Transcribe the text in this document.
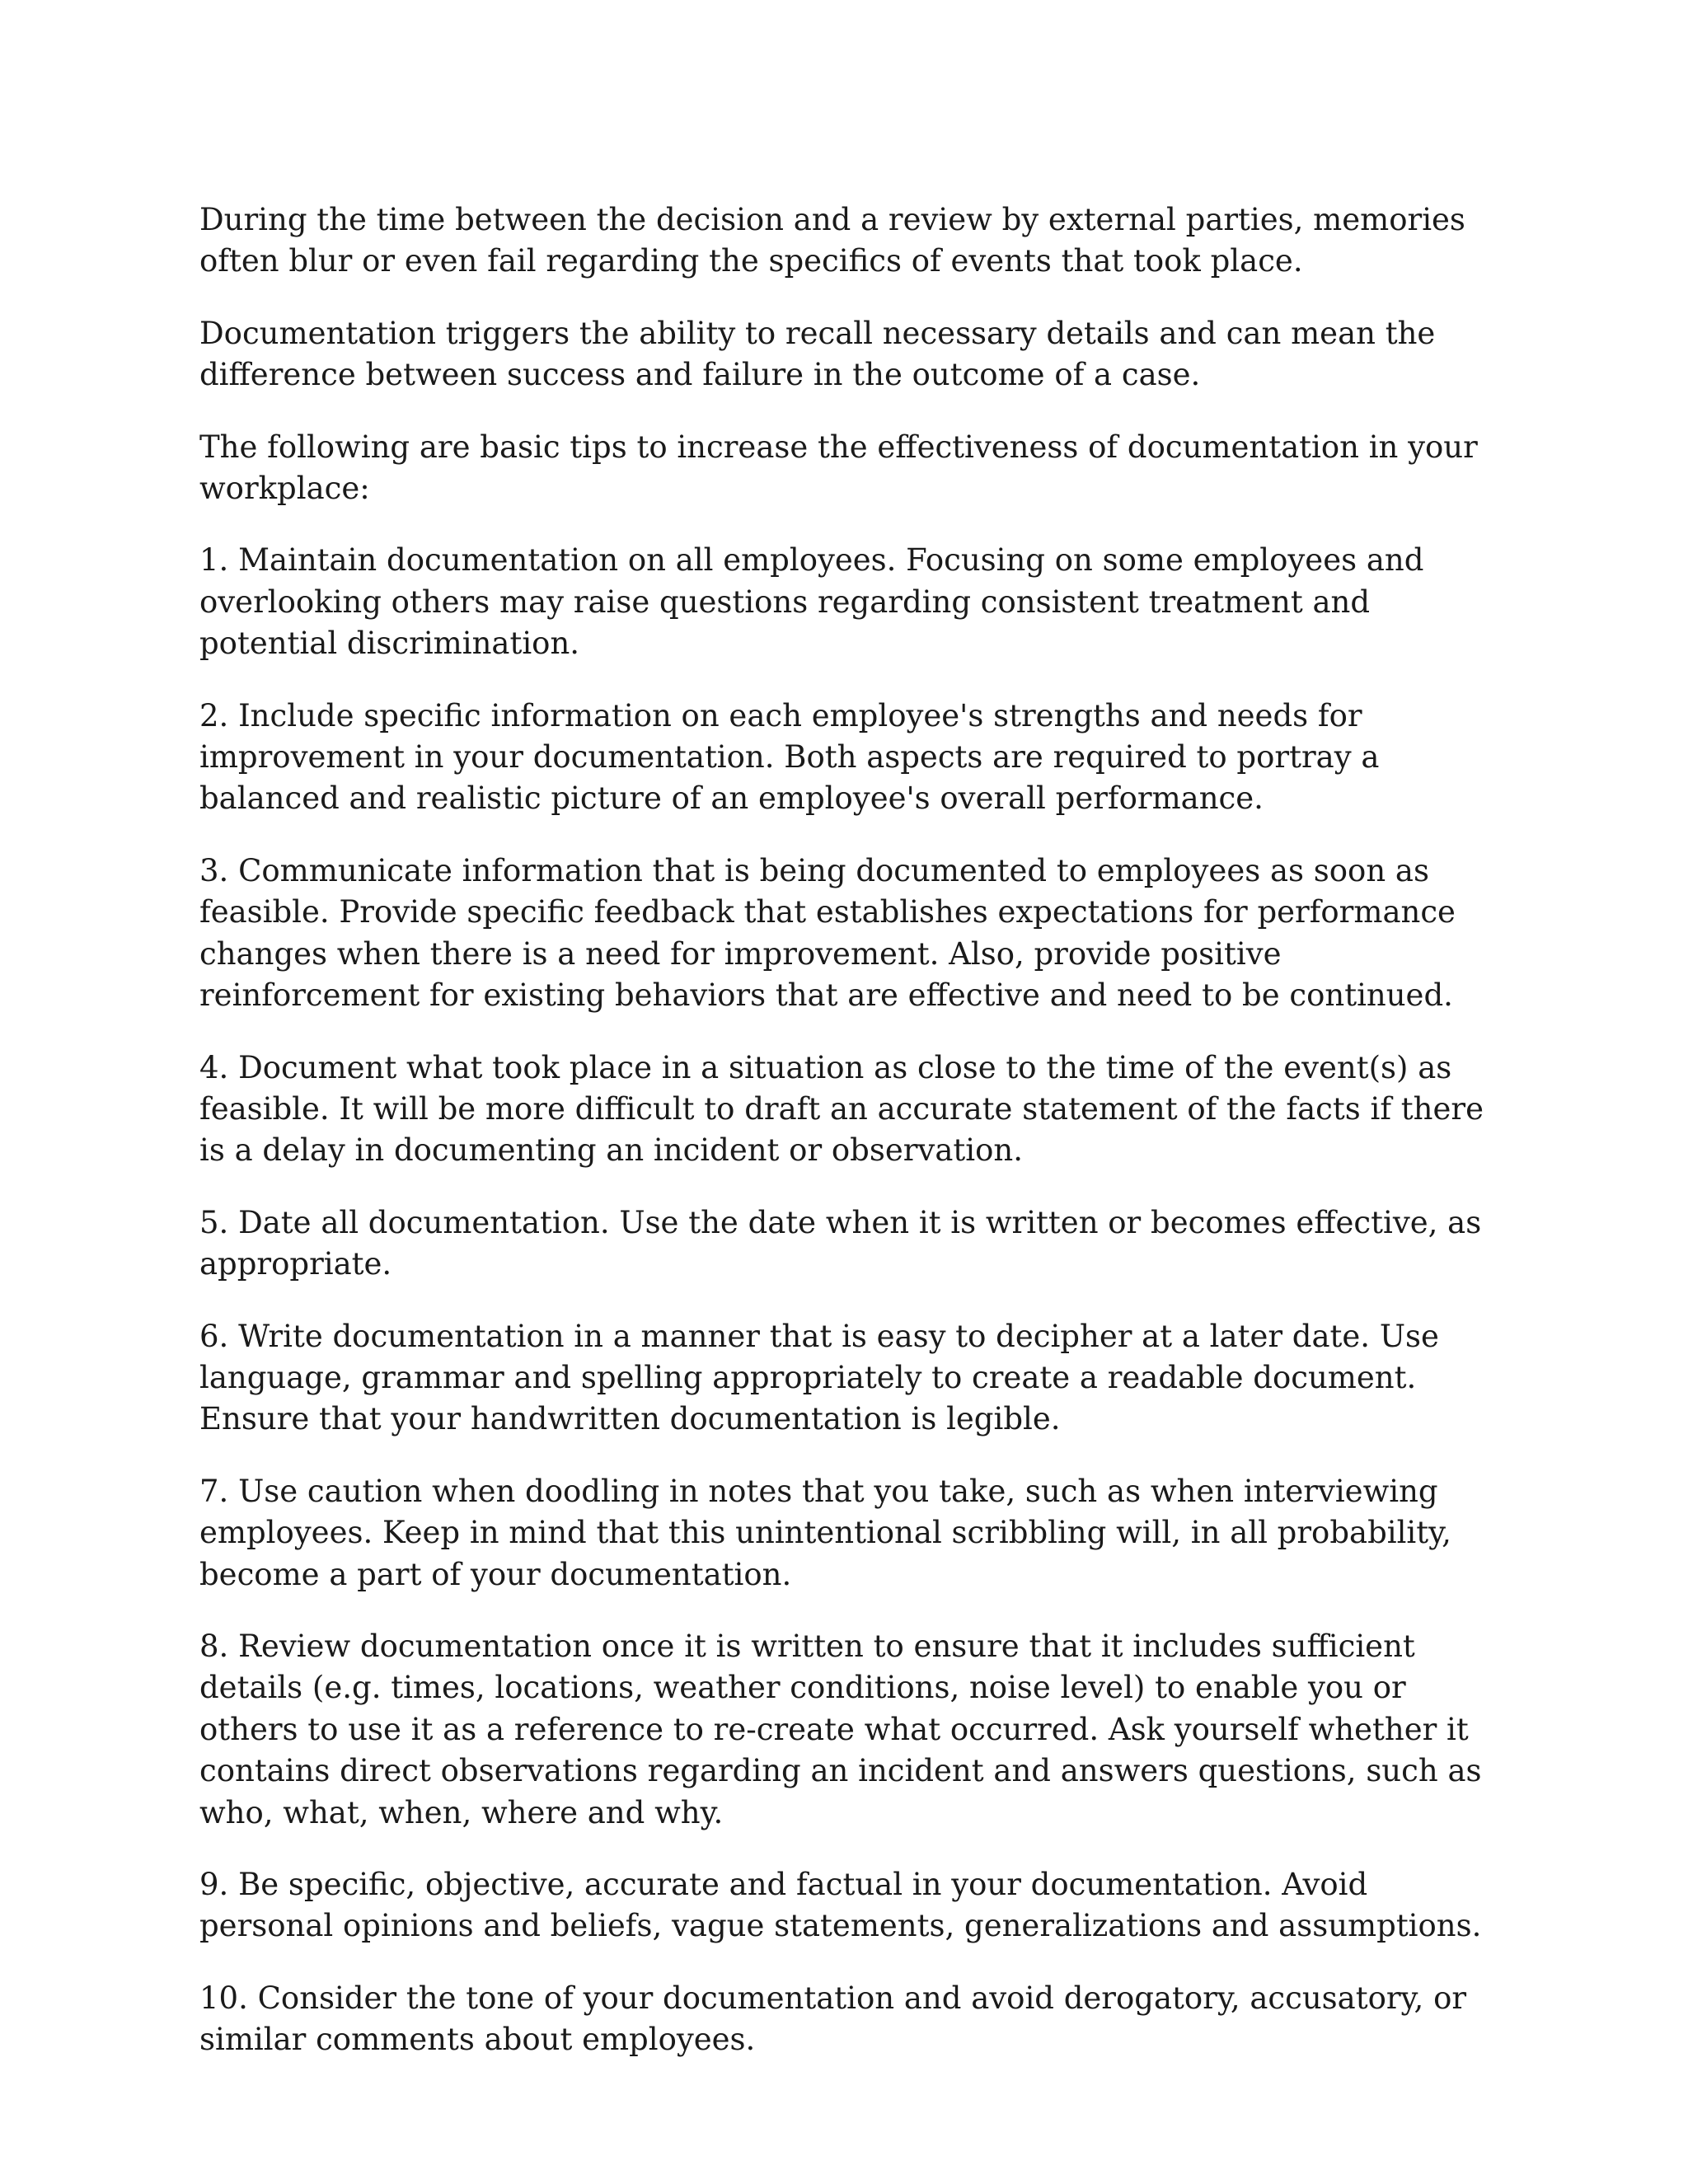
During the time between the decision and a review by external parties, memories often blur or even fail regarding the specifics of events that took place.

Documentation triggers the ability to recall necessary details and can mean the difference between success and failure in the outcome of a case.

The following are basic tips to increase the effectiveness of documentation in your workplace:

1. Maintain documentation on all employees. Focusing on some employees and overlooking others may raise questions regarding consistent treatment and potential discrimination.

2. Include specific information on each employee's strengths and needs for improvement in your documentation. Both aspects are required to portray a balanced and realistic picture of an employee's overall performance.

3. Communicate information that is being documented to employees as soon as feasible. Provide specific feedback that establishes expectations for performance changes when there is a need for improvement. Also, provide positive reinforcement for existing behaviors that are effective and need to be continued.

4. Document what took place in a situation as close to the time of the event(s) as feasible. It will be more difficult to draft an accurate statement of the facts if there is a delay in documenting an incident or observation.

5. Date all documentation. Use the date when it is written or becomes effective, as appropriate.

6. Write documentation in a manner that is easy to decipher at a later date. Use language, grammar and spelling appropriately to create a readable document. Ensure that your handwritten documentation is legible.

7. Use caution when doodling in notes that you take, such as when interviewing employees. Keep in mind that this unintentional scribbling will, in all probability, become a part of your documentation.

8. Review documentation once it is written to ensure that it includes sufficient details (e.g. times, locations, weather conditions, noise level) to enable you or others to use it as a reference to re-create what occurred. Ask yourself whether it contains direct observations regarding an incident and answers questions, such as who, what, when, where and why.

9. Be specific, objective, accurate and factual in your documentation. Avoid personal opinions and beliefs, vague statements, generalizations and assumptions.

10. Consider the tone of your documentation and avoid derogatory, accusatory, or similar comments about employees.
